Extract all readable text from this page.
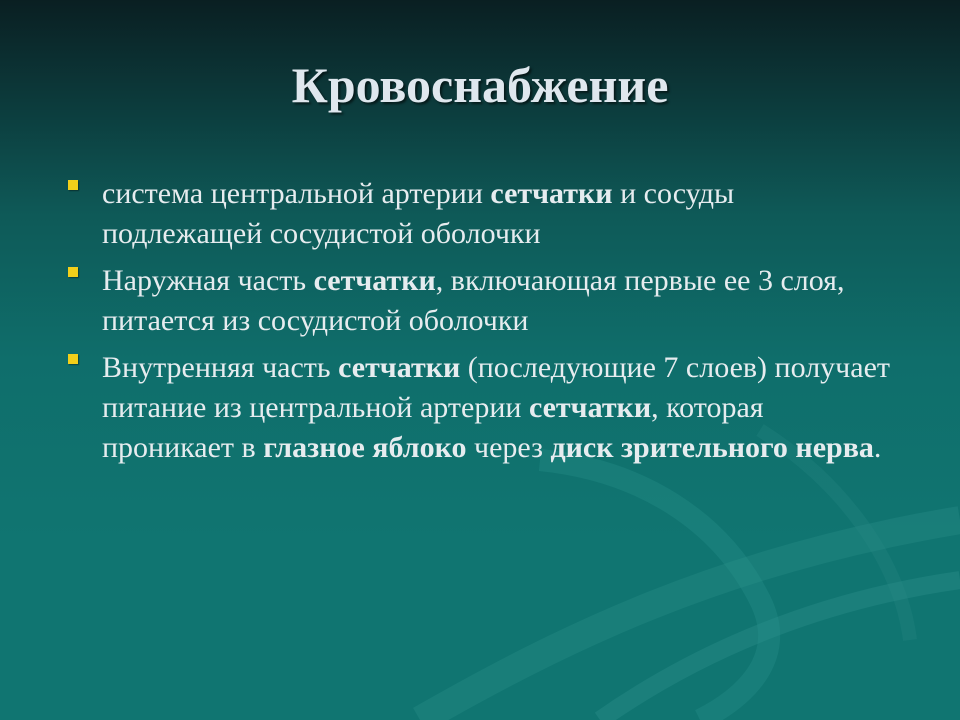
Кровоснабжение
система центральной артерии сетчатки и сосуды подлежащей сосудистой оболочки
Наружная часть сетчатки, включающая первые ее 3 слоя, питается из сосудистой оболочки
Внутренняя часть сетчатки (последующие 7 слоев) получает питание из центральной артерии сетчатки, которая проникает в глазное яблоко через диск зрительного нерва.
